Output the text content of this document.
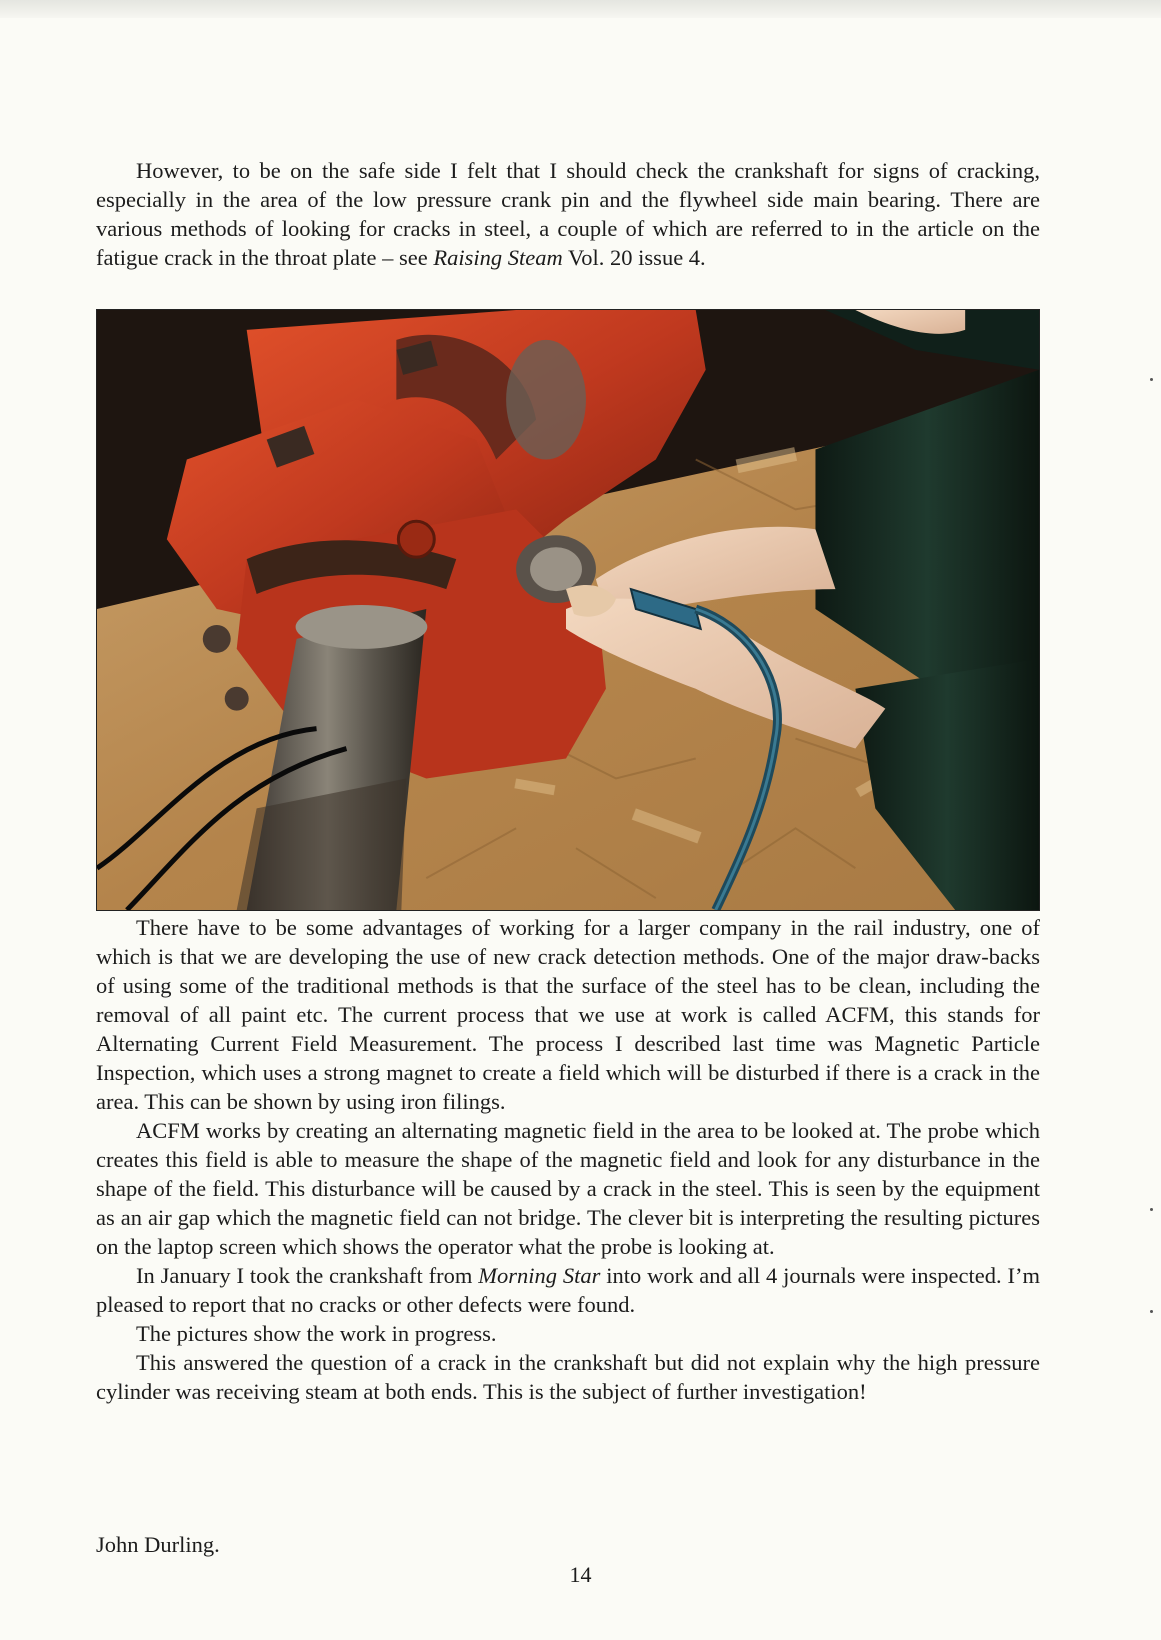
However, to be on the safe side I felt that I should check the crankshaft for signs of cracking, especially in the area of the low pressure crank pin and the flywheel side main bearing. There are various methods of looking for cracks in steel, a couple of which are referred to in the article on the fatigue crack in the throat plate – see Raising Steam Vol. 20 issue 4.

There have to be some advantages of working for a larger company in the rail industry, one of which is that we are developing the use of new crack detection methods. One of the major draw-backs of using some of the traditional methods is that the surface of the steel has to be clean, including the removal of all paint etc. The current process that we use at work is called ACFM, this stands for Alternating Current Field Measurement. The process I described last time was Magnetic Particle Inspection, which uses a strong magnet to create a field which will be disturbed if there is a crack in the area. This can be shown by using iron filings.

ACFM works by creating an alternating magnetic field in the area to be looked at. The probe which creates this field is able to measure the shape of the magnetic field and look for any disturbance in the shape of the field. This disturbance will be caused by a crack in the steel. This is seen by the equipment as an air gap which the magnetic field can not bridge. The clever bit is interpreting the resulting pictures on the laptop screen which shows the operator what the probe is looking at.

In January I took the crankshaft from Morning Star into work and all 4 journals were inspected. I’m pleased to report that no cracks or other defects were found.

The pictures show the work in progress.

This answered the question of a crack in the crankshaft but did not explain why the high pressure cylinder was receiving steam at both ends. This is the subject of further investigation!

John Durling.

14
